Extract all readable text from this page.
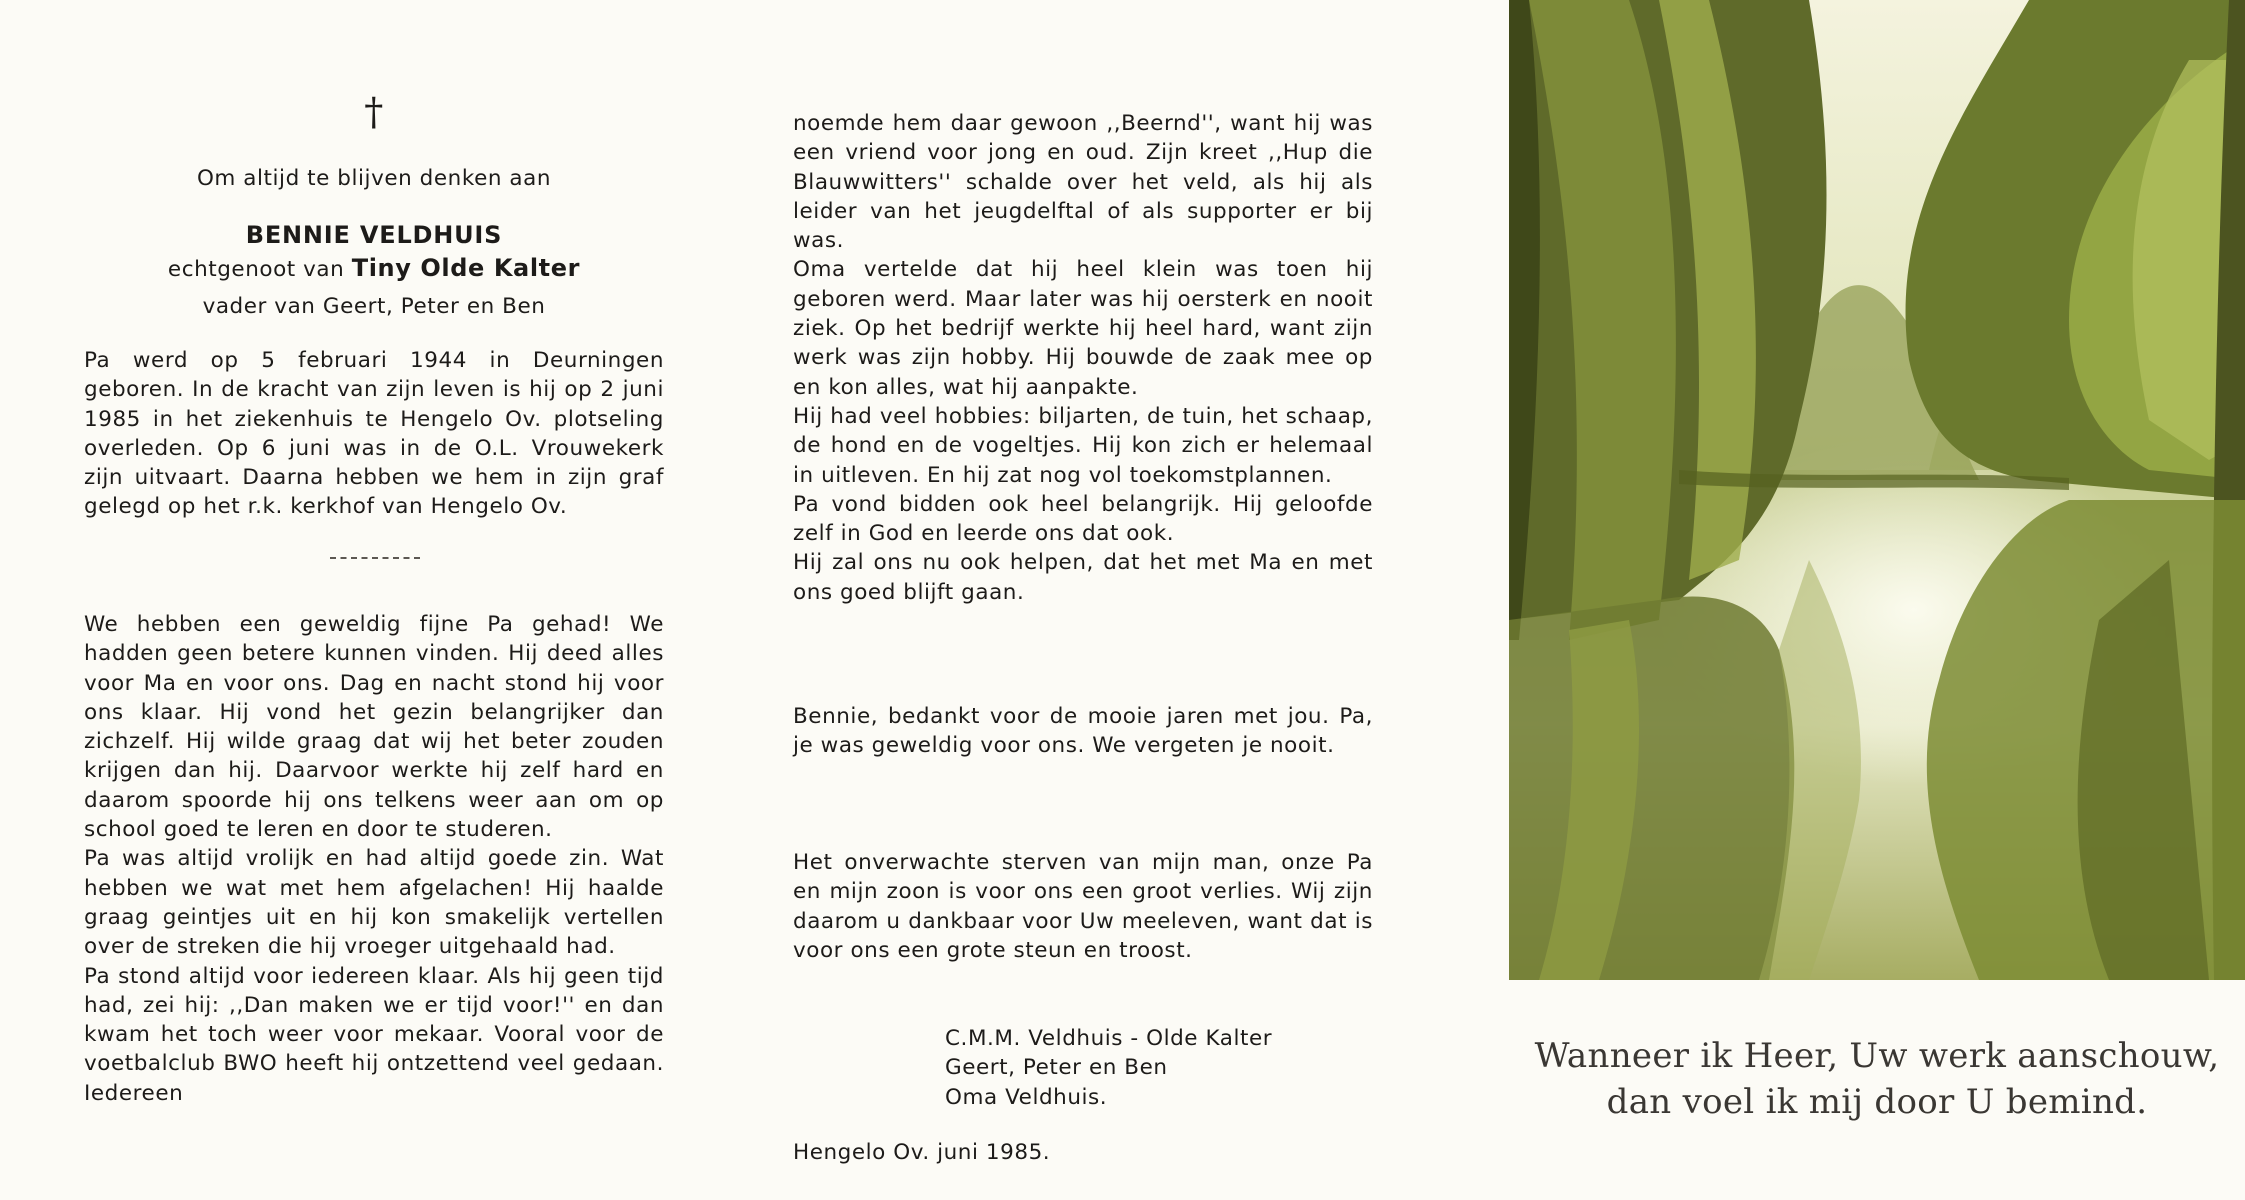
†
Om altijd te blijven denken aan
BENNIE VELDHUIS
echtgenoot van Tiny Olde Kalter
vader van Geert, Peter en Ben

Pa werd op 5 februari 1944 in Deurningen geboren. In de kracht van zijn leven is hij op 2 juni 1985 in het ziekenhuis te Hengelo Ov. plotseling overleden. Op 6 juni was in de O.L. Vrouwekerk zijn uitvaart. Daarna hebben we hem in zijn graf gelegd op het r.k. kerkhof van Hengelo Ov.

We hebben een geweldig fijne Pa gehad! We hadden geen betere kunnen vinden. Hij deed alles voor Ma en voor ons. Dag en nacht stond hij voor ons klaar. Hij vond het gezin belangrijker dan zichzelf. Hij wilde graag dat wij het beter zouden krijgen dan hij. Daarvoor werkte hij zelf hard en daarom spoorde hij ons telkens weer aan om op school goed te leren en door te studeren.

Pa was altijd vrolijk en had altijd goede zin. Wat hebben we wat met hem afgelachen! Hij haalde graag geintjes uit en hij kon smakelijk vertellen over de streken die hij vroeger uitgehaald had.

Pa stond altijd voor iedereen klaar. Als hij geen tijd had, zei hij: ,,Dan maken we er tijd voor!'' en dan kwam het toch weer voor mekaar. Vooral voor de voetbalclub BWO heeft hij ontzettend veel gedaan. Iedereen

noemde hem daar gewoon ,,Beernd'', want hij was een vriend voor jong en oud. Zijn kreet ,,Hup die Blauwwitters'' schalde over het veld, als hij als leider van het jeugdelftal of als supporter er bij was.

Oma vertelde dat hij heel klein was toen hij geboren werd. Maar later was hij oersterk en nooit ziek. Op het bedrijf werkte hij heel hard, want zijn werk was zijn hobby. Hij bouwde de zaak mee op en kon alles, wat hij aanpakte.

Hij had veel hobbies: biljarten, de tuin, het schaap, de hond en de vogeltjes. Hij kon zich er helemaal in uitleven. En hij zat nog vol toekomstplannen.

Pa vond bidden ook heel belangrijk. Hij geloofde zelf in God en leerde ons dat ook.

Hij zal ons nu ook helpen, dat het met Ma en met ons goed blijft gaan.

Bennie, bedankt voor de mooie jaren met jou. Pa, je was geweldig voor ons. We vergeten je nooit.

Het onverwachte sterven van mijn man, onze Pa en mijn zoon is voor ons een groot verlies. Wij zijn daarom u dankbaar voor Uw meeleven, want dat is voor ons een grote steun en troost.

C.M.M. Veldhuis - Olde Kalter
Geert, Peter en Ben
Oma Veldhuis.
Hengelo Ov. juni 1985.
Wanneer ik Heer, Uw werk aanschouw,
dan voel ik mij door U bemind.
